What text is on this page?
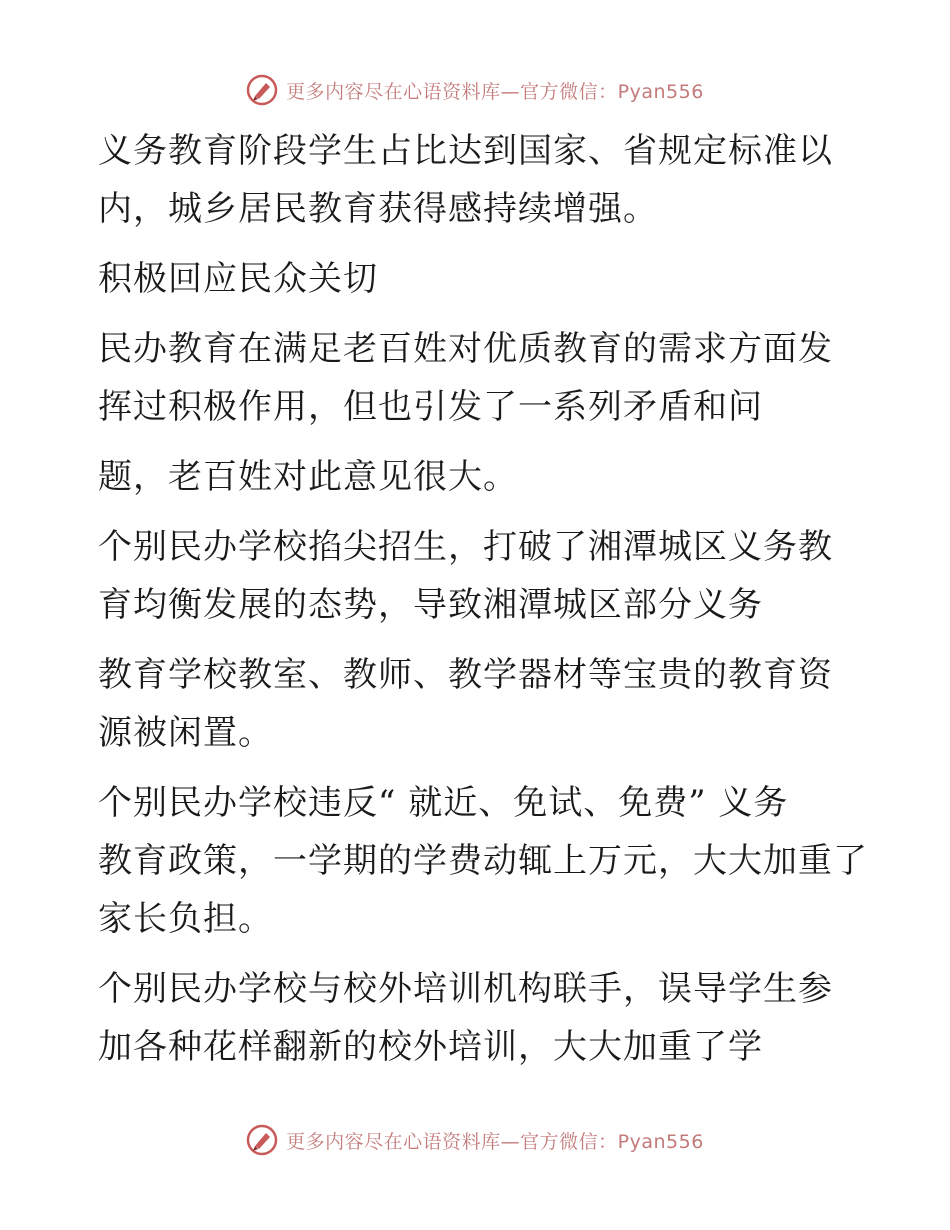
更多内容尽在心语资料库—官方微信：Pyan556
义务教育阶段学生占比达到国家、省规定标准以
内，城乡居民教育获得感持续增强。
积极回应民众关切
民办教育在满足老百姓对优质教育的需求方面发
挥过积极作用，但也引发了一系列矛盾和问
题，老百姓对此意见很大。
个别民办学校掐尖招生，打破了湘潭城区义务教
育均衡发展的态势，导致湘潭城区部分义务
教育学校教室、教师、教学器材等宝贵的教育资
源被闲置。
个别民办学校违反“ 就近、免试、免费” 义务
教育政策，一学期的学费动辄上万元，大大加重了
家长负担。
个别民办学校与校外培训机构联手，误导学生参
加各种花样翻新的校外培训，大大加重了学
更多内容尽在心语资料库—官方微信：Pyan556
